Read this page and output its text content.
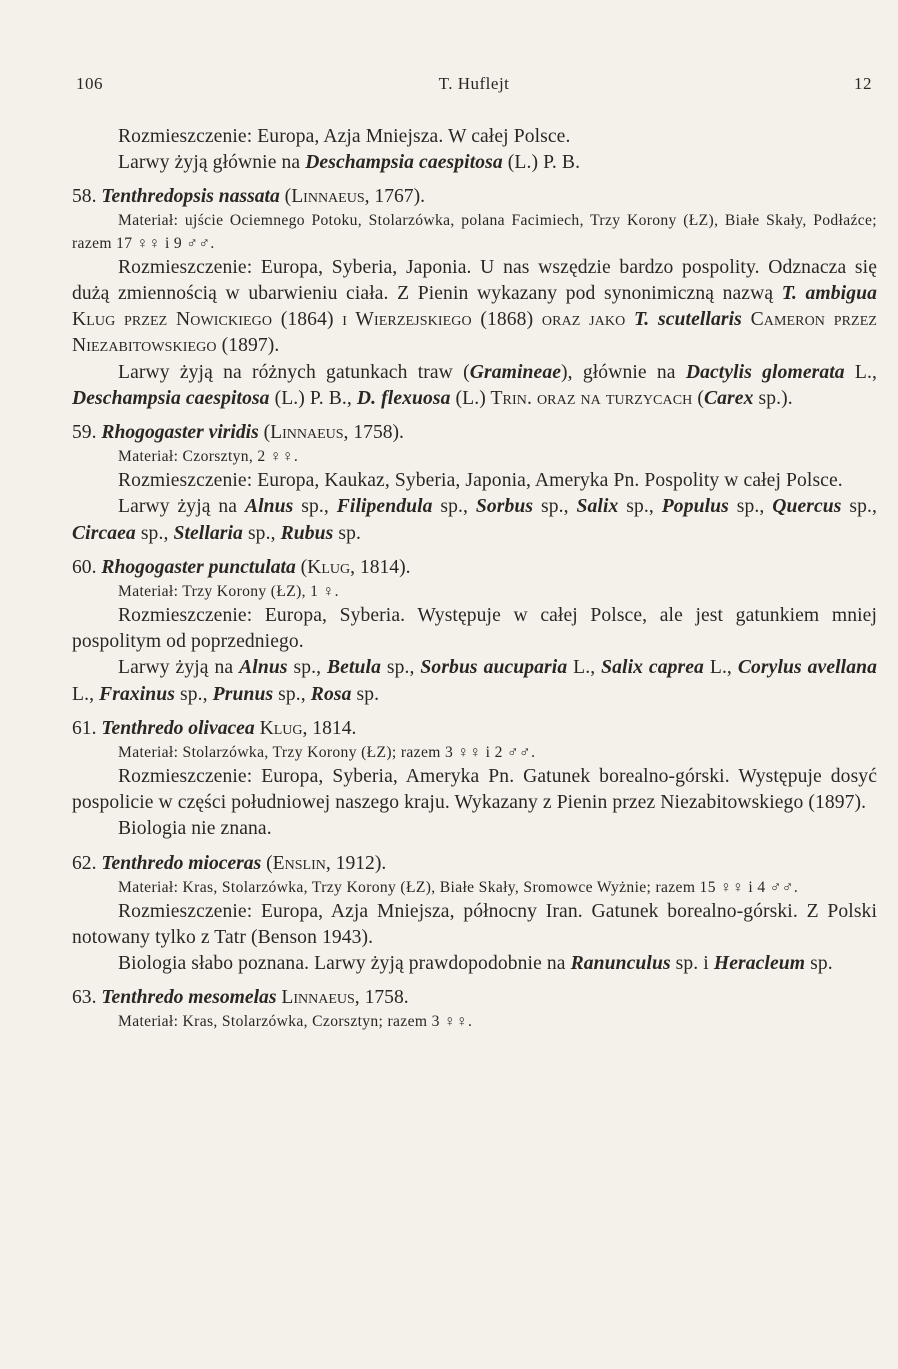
106	T. Huflejt	12

Rozmieszczenie: Europa, Azja Mniejsza. W całej Polsce.

Larwy żyją głównie na Deschampsia caespitosa (L.) P. B.

58. Tenthredopsis nassata (Linnaeus, 1767).

Materiał: ujście Ociemnego Potoku, Stolarzówka, polana Facimiech, Trzy Korony (ŁZ), Białe Skały, Podłaźce; razem 17 ♀♀ i 9 ♂♂.

Rozmieszczenie: Europa, Syberia, Japonia. U nas wszędzie bardzo pospolity. Odznacza się dużą zmiennością w ubarwieniu ciała. Z Pienin wykazany pod synonimiczną nazwą T. ambigua Klug przez Nowickiego (1864) i Wierzejskiego (1868) oraz jako T. scutellaris Cameron przez Niezabitowskiego (1897).

Larwy żyją na różnych gatunkach traw (Gramineae), głównie na Dactylis glomerata L., Deschampsia caespitosa (L.) P. B., D. flexuosa (L.) Trin. oraz na turzycach (Carex sp.).

59. Rhogogaster viridis (Linnaeus, 1758).

Materiał: Czorsztyn, 2 ♀♀.

Rozmieszczenie: Europa, Kaukaz, Syberia, Japonia, Ameryka Pn. Pospolity w całej Polsce.

Larwy żyją na Alnus sp., Filipendula sp., Sorbus sp., Salix sp., Populus sp., Quercus sp., Circaea sp., Stellaria sp., Rubus sp.

60. Rhogogaster punctulata (Klug, 1814).

Materiał: Trzy Korony (ŁZ), 1 ♀.

Rozmieszczenie: Europa, Syberia. Występuje w całej Polsce, ale jest gatunkiem mniej pospolitym od poprzedniego.

Larwy żyją na Alnus sp., Betula sp., Sorbus aucuparia L., Salix caprea L., Corylus avellana L., Fraxinus sp., Prunus sp., Rosa sp.

61. Tenthredo olivacea Klug, 1814.

Materiał: Stolarzówka, Trzy Korony (ŁZ); razem 3 ♀♀ i 2 ♂♂.

Rozmieszczenie: Europa, Syberia, Ameryka Pn. Gatunek borealno-górski. Występuje dosyć pospolicie w części południowej naszego kraju. Wykazany z Pienin przez Niezabitowskiego (1897).

Biologia nie znana.

62. Tenthredo mioceras (Enslin, 1912).

Materiał: Kras, Stolarzówka, Trzy Korony (ŁZ), Białe Skały, Sromowce Wyżnie; razem 15 ♀♀ i 4 ♂♂.

Rozmieszczenie: Europa, Azja Mniejsza, północny Iran. Gatunek borealno-górski. Z Polski notowany tylko z Tatr (Benson 1943).

Biologia słabo poznana. Larwy żyją prawdopodobnie na Ranunculus sp. i Heracleum sp.

63. Tenthredo mesomelas Linnaeus, 1758.

Materiał: Kras, Stolarzówka, Czorsztyn; razem 3 ♀♀.
